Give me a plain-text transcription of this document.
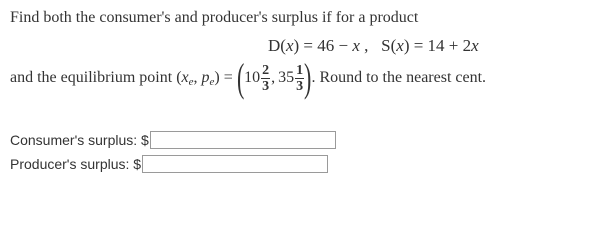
Find both the consumer's and producer's surplus if for a product
D(x) = 46 − x ,   S(x) = 14 + 2x
and the equilibrium point ( x e , p e ) = ( $10 \frac{2}{3}$ , $35 \frac{1}{3}$ ) . Round to the nearest cent.
Consumer's surplus: $
Producer's surplus: $
